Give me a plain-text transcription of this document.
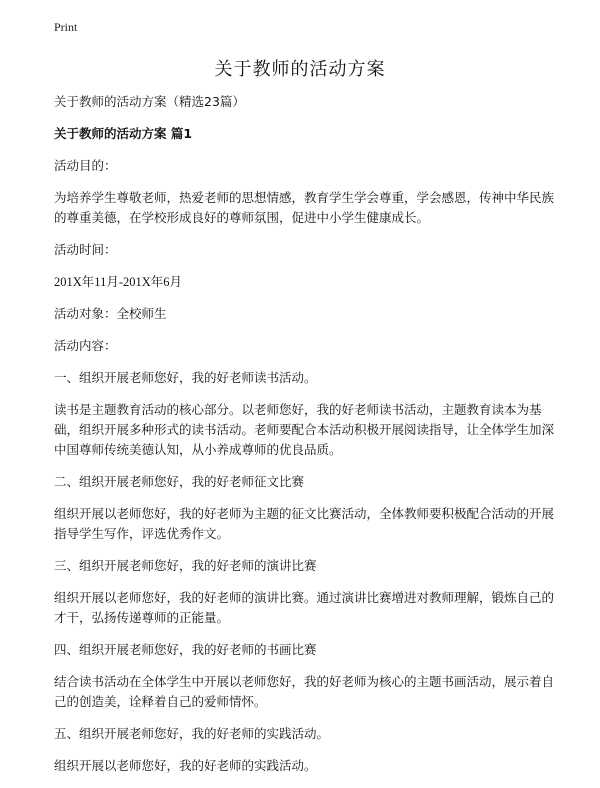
Print
关于教师的活动方案

关于教师的活动方案（精选23篇）

关于教师的活动方案 篇1

活动目的：

为培养学生尊敬老师，热爱老师的思想情感，教育学生学会尊重，学会感恩，传神中华民族的尊重美德，在学校形成良好的尊师氛围，促进中小学生健康成长。

活动时间：

201X年11月-201X年6月

活动对象：全校师生

活动内容：

一、组织开展老师您好，我的好老师读书活动。

读书是主题教育活动的核心部分。以老师您好，我的好老师读书活动，主题教育读本为基础，组织开展多种形式的读书活动。老师要配合本活动积极开展阅读指导，让全体学生加深中国尊师传统美德认知，从小养成尊师的优良品质。

二、组织开展老师您好，我的好老师征文比赛

组织开展以老师您好，我的好老师为主题的征文比赛活动，全体教师要积极配合活动的开展指导学生写作，评选优秀作文。

三、组织开展老师您好，我的好老师的演讲比赛

组织开展以老师您好，我的好老师的演讲比赛。通过演讲比赛增进对教师理解，锻炼自己的才干，弘扬传递尊师的正能量。

四、组织开展老师您好，我的好老师的书画比赛

结合读书活动在全体学生中开展以老师您好，我的好老师为核心的主题书画活动，展示着自己的创造美，诠释着自己的爱师情怀。

五、组织开展老师您好，我的好老师的实践活动。

组织开展以老师您好，我的好老师的实践活动。
